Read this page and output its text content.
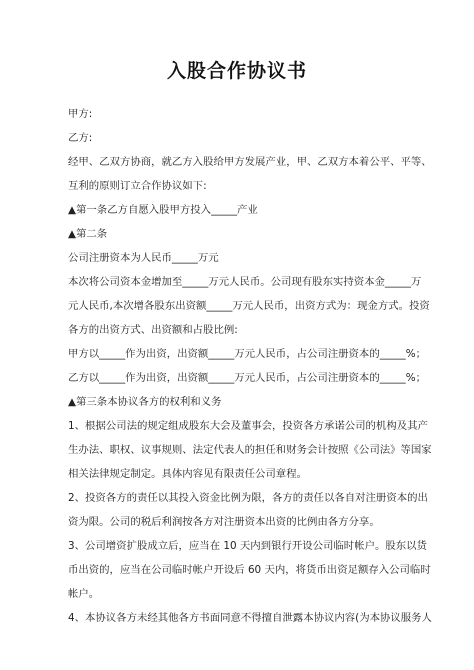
入股合作协议书
甲方:
乙方:
经甲、乙双方协商，就乙方入股给甲方发展产业，甲、乙双方本着公平、平等、
互利的原则订立合作协议如下:
▲第一条乙方自愿入股甲方投入_____产业
▲第二条
公司注册资本为人民币_____万元
本次将公司资本金增加至_____万元人民币。公司现有股东实持资本金_____万
元人民币,本次增各股东出资额_____万元人民币，出资方式为：现金方式。投资
各方的出资方式、出资额和占股比例:
甲方以_____作为出资，出资额_____万元人民币，占公司注册资本的_____%；
乙方以_____作为出资，出资额_____万元人民币，占公司注册资本的_____%；
▲第三条本协议各方的权利和义务
1、根据公司法的规定组成股东大会及董事会，投资各方承诺公司的机构及其产
生办法、职权、议事规则、法定代表人的担任和财务会计按照《公司法》等国家
相关法律规定制定。具体内容见有限责任公司章程。
2、投资各方的责任以其投入资金比例为限，各方的责任以各自对注册资本的出
资为限。公司的税后利润按各方对注册资本出资的比例由各方分享。
3、公司增资扩股成立后，应当在 10 天内到银行开设公司临时帐户。股东以货
币出资的，应当在公司临时帐户开设后 60 天内，将货币出资足额存入公司临时
帐户。
4、本协议各方未经其他各方书面同意不得擅自泄露本协议内容(为本协议服务人
